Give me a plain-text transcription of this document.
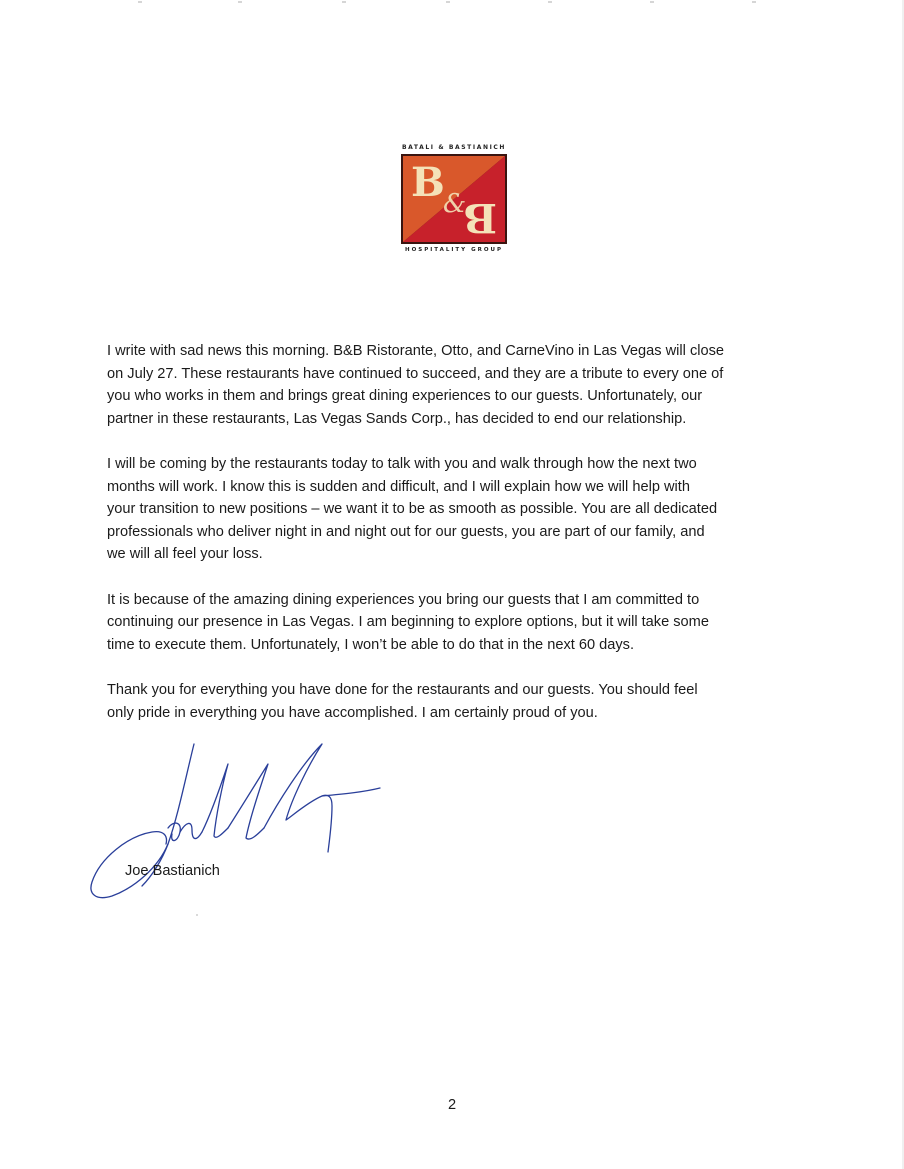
BATALI & BASTIANICH
B
&
B
HOSPITALITY GROUP

I write with sad news this morning. B&B Ristorante, Otto, and CarneVino in Las Vegas will close
on July 27. These restaurants have continued to succeed, and they are a tribute to every one of
you who works in them and brings great dining experiences to our guests. Unfortunately, our
partner in these restaurants, Las Vegas Sands Corp., has decided to end our relationship.

I will be coming by the restaurants today to talk with you and walk through how the next two
months will work. I know this is sudden and difficult, and I will explain how we will help with
your transition to new positions – we want it to be as smooth as possible. You are all dedicated
professionals who deliver night in and night out for our guests, you are part of our family, and
we will all feel your loss.

It is because of the amazing dining experiences you bring our guests that I am committed to
continuing our presence in Las Vegas. I am beginning to explore options, but it will take some
time to execute them. Unfortunately, I won’t be able to do that in the next 60 days.

Thank you for everything you have done for the restaurants and our guests. You should feel
only pride in everything you have accomplished. I am certainly proud of you.

Joe Bastianich
2
